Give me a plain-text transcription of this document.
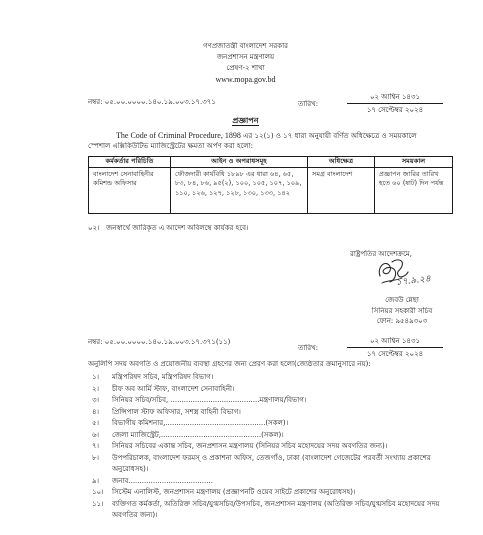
গণপ্রজাতন্ত্রী বাংলাদেশ সরকার
জনপ্রশাসন মন্ত্রণালয়
প্রেষণ-২ শাখা
www.mopa.gov.bd
নম্বর: ০৫.০০.০০০০.১৪০.১৯.০০৩.১৭.৩৭১	তারিখ:
০২ আশ্বিন ১৪৩১
১৭ সেপ্টেম্বর ২০২৪
প্রজ্ঞাপন
The Code of Criminal Procedure, 1898 এর ১২(১) ও ১৭ ধারা অনুযায়ী বর্ণিত অধিক্ষেত্রে ও সময়কালে
স্পেশাল এক্সিকিউটিভ ম্যাজিস্ট্রেটের ক্ষমতা অর্পণ করা হলো:
কর্মকর্তার পরিচিতি	আইন ও অপরাধসমূহ	অধিক্ষেত্র	সময়কাল
বাংলাদেশ সেনাবাহিনীর কমিশন্ড অফিসার	ফৌজদারী কার্যবিধি ১৮৯৮ এর ধারা ৬৪, ৬৫, ৮৩, ৮৪, ৮৬, ৯৫(২), ১০০, ১০৫, ১০৭, ১০৯, ১১০, ১২৬, ১২৭, ১২৮, ১৩০, ১৩৩, ১৪২	সমগ্র বাংলাদেশ	প্রজ্ঞাপন জারির তারিখ হতে ৬০ (ষাট) দিন পর্যন্ত
০২। জনস্বার্থে জারিকৃত এ আদেশ অবিলম্বে কার্যকর হবে।
রাষ্ট্রপতির আদেশক্রমে,
১৭.৯.২৪
জেবউ ন্নেছা
সিনিয়র সহকারী সচিব
ফোন: ৯৫৪৯৩০৩
নম্বর: ০৫.০০.০০০০.১৪০.১৯.০০৩.১৭.৩৭১(১১)
তারিখ:
০২ আশ্বিন ১৪৩১
১৭ সেপ্টেম্বর ২০২৪
অনুলিপি সদয় অবগতি ও প্রয়োজনীয় ব্যবস্থা গ্রহণের জন্য প্রেরণ করা হলো(জ্যেষ্ঠতার ক্রমানুসারে নয়):
১।	মন্ত্রিপরিষদ সচিব, মন্ত্রিপরিষদ বিভাগ।
২।	চীফ অব আর্মি স্টাফ, বাংলাদেশ সেনাবাহিনী।
৩।	সিনিয়র সচিব/সচিব, ........................................মন্ত্রণালয়/বিভাগ।
৪।	প্রিন্সিপাল স্টাফ অফিসার, সশস্ত্র বাহিনী বিভাগ।
৫।	বিভাগীয় কমিশনার,.............................................(সকল)।
৬।	জেলা ম্যাজিস্ট্রেট,.............................................(সকল)।
৭।	সিনিয়র সচিবের একান্ত সচিব, জনপ্রশাসন মন্ত্রণালয় (সিনিয়র সচিব মহোদয়ের সদয় অবগতির জন্য)।
৮।	উপপরিচালক, বাংলাদেশ ফরমস্ ও প্রকাশনা অফিস, তেজগাঁও, ঢাকা (বাংলাদেশ গেজেটের পরবর্তী সংখ্যায় প্রকাশের অনুরোধসহ)।
৯।	জনাব......................................
১০।	সিস্টেম এনালিস্ট, জনপ্রশাসন মন্ত্রণালয় (প্রজ্ঞাপনটি ওয়েব সাইটে প্রকাশের অনুরোধসহ)।
১১।	ব্যক্তিগত কর্মকর্তা, অতিরিক্ত সচিব/যুগ্মসচিব/উপসচিব, জনপ্রশাসন মন্ত্রণালয় (অতিরিক্ত সচিব/যুগ্মসচিব মহোদয়ের সদয় অবগতির জন্য)।
